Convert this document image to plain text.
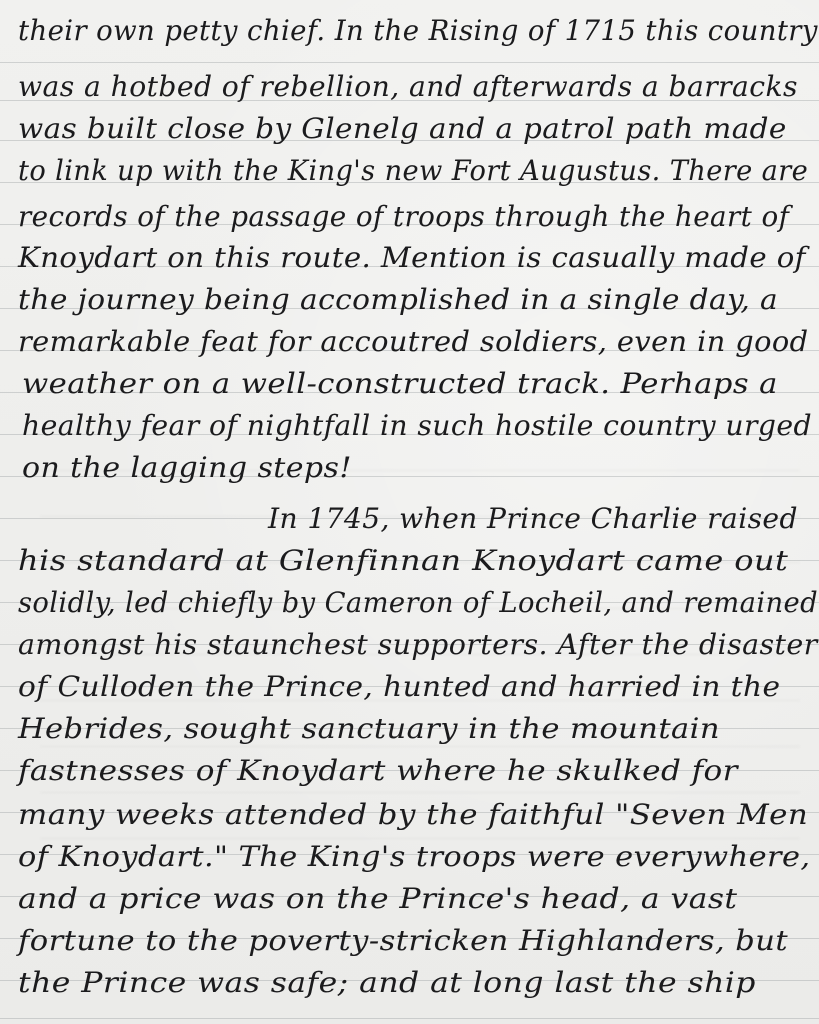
their own petty chief. In the Rising of 1715 this country
was a hotbed of rebellion, and afterwards a barracks
was built close by Glenelg and a patrol path made
to link up with the King's new Fort Augustus. There are
records of the passage of troops through the heart of
Knoydart on this route. Mention is casually made of
the journey being accomplished in a single day, a
remarkable feat for accoutred soldiers, even in good
weather on a well-constructed track. Perhaps a
healthy fear of nightfall in such hostile country urged
on the lagging steps!
In 1745, when Prince Charlie raised
his standard at Glenfinnan Knoydart came out
solidly, led chiefly by Cameron of Locheil, and remained
amongst his staunchest supporters. After the disaster
of Culloden the Prince, hunted and harried in the
Hebrides, sought sanctuary in the mountain
fastnesses of Knoydart where he skulked for
many weeks attended by the faithful "Seven Men
of Knoydart." The King's troops were everywhere,
and a price was on the Prince's head, a vast
fortune to the poverty-stricken Highlanders, but
the Prince was safe; and at long last the ship
